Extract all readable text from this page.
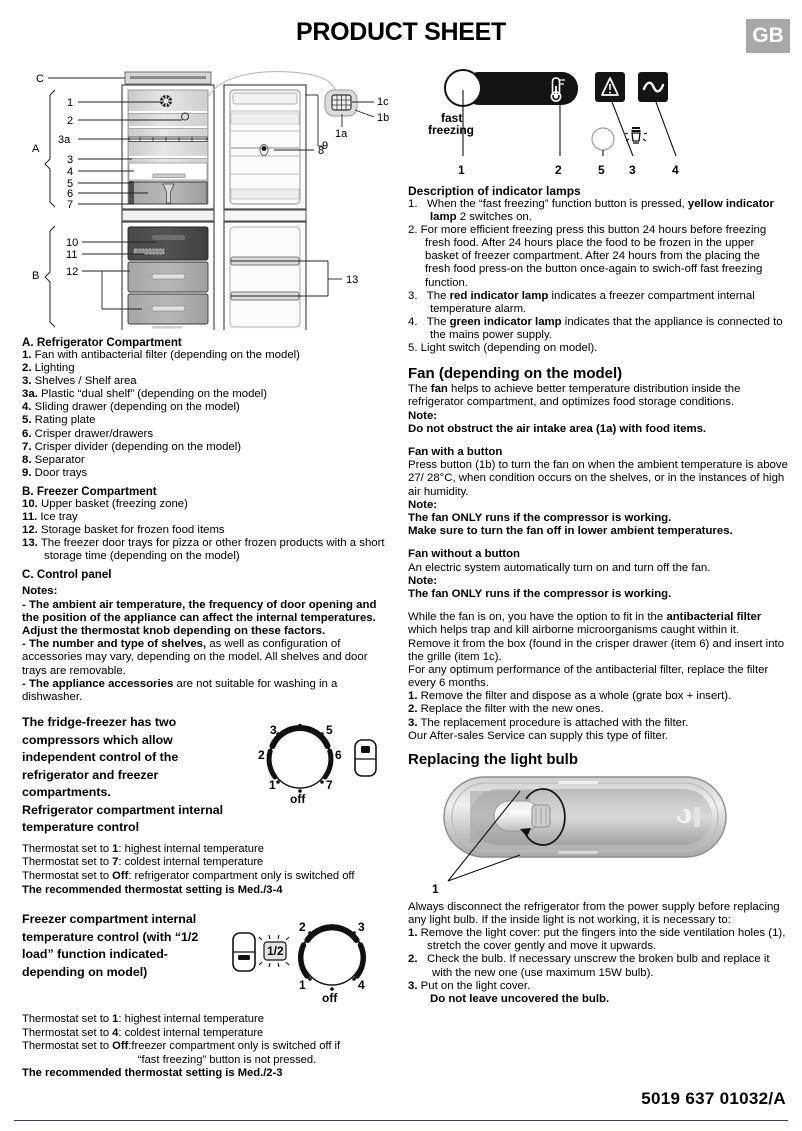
PRODUCT SHEET	GB
C
A
B
1
2
3a
3
4
5
6
7
10
11
12
8
9
13
1c
1b
1a
A. Refrigerator Compartment
1. Fan with antibacterial filter (depending on the model)
2. Lighting
3. Shelves / Shelf area
3a. Plastic “dual shelf” (depending on the model)
4. Sliding drawer (depending on the model)
5. Rating plate
6. Crisper drawer/drawers
7. Crisper divider (depending on the model)
8. Separator
9. Door trays
B. Freezer Compartment
10. Upper basket (freezing zone)
11. Ice tray
12. Storage basket for frozen food items
13. The freezer door trays for pizza or other frozen products with a short storage time (depending on the model)
C. Control panel
Notes:
- The ambient air temperature, the frequency of door opening and the position of the appliance can affect the internal temperatures. Adjust the thermostat knob depending on these factors.
- The number and type of shelves, as well as configuration of accessories may vary, depending on the model. All shelves and door trays are removable.
- The appliance accessories are not suitable for washing in a dishwasher.
The fridge-freezer has two compressors which allow independent control of the refrigerator and freezer compartments.
Refrigerator compartment internal temperature control
3	5
2	6
1	7
off
Thermostat set to 1: highest internal temperature
Thermostat set to 7: coldest internal temperature
Thermostat set to Off: refrigerator compartment only is switched off
The recommended thermostat setting is Med./3-4
Freezer compartment internal temperature control (with “1/2 load” function indicated- depending on model)
1/2
2	3
1	4
off
Thermostat set to 1: highest internal temperature
Thermostat set to 4: coldest internal temperature
Thermostat set to Off:freezer compartment only is switched off if
“fast freezing” button is not pressed.
The recommended thermostat setting is Med./2-3
fast
freezing
1	2	5 3	4
Description of indicator lamps
1. When the “fast freezing” function button is pressed, yellow indicator lamp 2 switches on.
2. For more efficient freezing press this button 24 hours before freezing fresh food. After 24 hours place the food to be frozen in the upper basket of freezer compartment. After 24 hours from the placing the fresh food press-on the button once-again to swich-off fast freezing function.
3. The red indicator lamp indicates a freezer compartment internal temperature alarm.
4. The green indicator lamp indicates that the appliance is connected to the mains power supply.
5. Light switch (depending on model).
Fan (depending on the model)
The fan helps to achieve better temperature distribution inside the refrigerator compartment, and optimizes food storage conditions.
Note:
Do not obstruct the air intake area (1a) with food items.
Fan with a button
Press button (1b) to turn the fan on when the ambient temperature is above 27/ 28°C, when condition occurs on the shelves, or in the instances of high air humidity.
Note:
The fan ONLY runs if the compressor is working.
Make sure to turn the fan off in lower ambient temperatures.
Fan without a button
An electric system automatically turn on and turn off the fan.
Note:
The fan ONLY runs if the compressor is working.
While the fan is on, you have the option to fit in the antibacterial filter which helps trap and kill airborne microorganisms caught within it.
Remove it from the box (found in the crisper drawer (item 6) and insert into the grille (item 1c).
For any optimum performance of the antibacterial filter, replace the filter every 6 months.
1. Remove the filter and dispose as a whole (grate box + insert).
2. Replace the filter with the new ones.
3. The replacement procedure is attached with the filter.
Our After-sales Service can supply this type of filter.
Replacing the light bulb
1
Always disconnect the refrigerator from the power supply before replacing any light bulb. If the inside light is not working, it is necessary to:
1. Remove the light cover: put the fingers into the side ventilation holes (1), stretch the cover gently and move it upwards.
2. Check the bulb. If necessary unscrew the broken bulb and replace it with the new one (use maximum 15W bulb).
3. Put on the light cover.
Do not leave uncovered the bulb.
5019 637 01032/A
